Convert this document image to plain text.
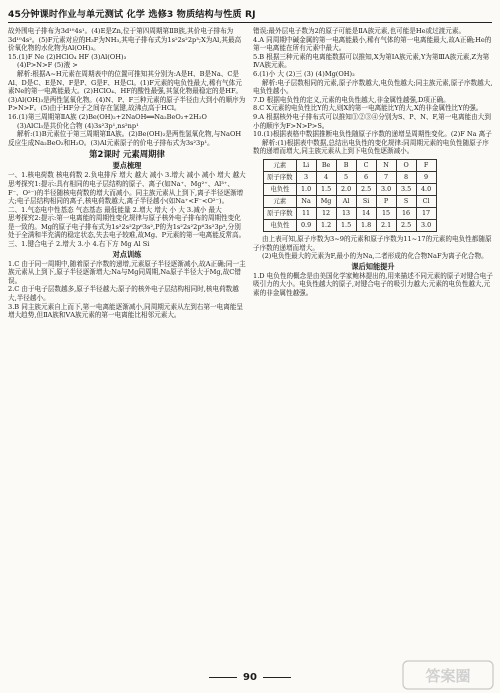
45分钟课时作业与单元测试 化学 选修3 物质结构与性质 RJ

故外围电子排布为3d¹⁰4s¹。(4)E是Zn,位于第四周期第ⅡB族,其价电子排布为3d¹⁰4s²。(5)F元素对应的H₃F为NH₃,其电子排布式为1s²2s²2p³;X为Al,其最高价氧化物的水化物为Al(OH)₃。

15.(1)F Ne (2)HClO₄ HF (3)Al(OH)₃

(4)P>N>F (5)液 >

解析:根据A~H元素在周期表中的位置可推知其分别为:A是H、B是Na、C是Al、D是C、E是N、F是P、G是F、H是Cl。(1)F元素的电负性最大,稀有气体元素Ne的第一电离能最大。(2)HClO₄、HF的酸性最强,其氢化物最稳定的是HF。(3)Al(OH)₃是两性氢氧化物。(4)N、P、F三种元素的原子半径由大到小的顺序为P>N>F。(5)由于HF分子之间存在氢键,故沸点高于HCl。

16.(1)第三周期第ⅡA族 (2)Be(OH)₂+2NaOH══Na₂BeO₂+2H₂O

(3)AlCl₃是共价化合物 (4)3s²3p¹,ns²np¹

解析:(1)B元素位于第三周期第ⅡA族。(2)Be(OH)₂是两性氢氧化物,与NaOH反应生成Na₂BeO₂和H₂O。(3)Al元素原子的价电子排布式为3s²3p¹。

第2课时 元素周期律
要点梳理

一、1.核电荷数 核电荷数 2.负电排斥 增大 越大 减小 3.增大 减小 减小 增大 越大

思考探究1:提示:具有相同的电子层结构的原子、离子(如Na⁺、Mg²⁺、Al³⁺、F⁻、O²⁻)的半径随核电荷数的增大而减小。同主族元素从上到下,离子半径逐渐增大;电子层结构相同的离子,核电荷数越大,离子半径越小(如Na⁺<F⁻<O²⁻)。

二、1.气态电中性基态 气态基态 最低能量 2.增大 增大 小 大 3.减小 最大

思考探究2:提示:第一电离能的周期性变化规律与原子核外电子排布的周期性变化是一致的。Mg的原子电子排布式为1s²2s²2p⁶3s²,P的为1s²2s²2p⁶3s²3p³,分别处于全满和半充满的稳定状态,失去电子较难,故Mg、P元素的第一电离能反常高。

三、1.键合电子 2.增大 3.小 4.右下方 Mg Al Si

对点训练

1.C 由于同一周期中,随着原子序数的递增,元素原子半径逐渐减小,故A正确;同一主族元素从上到下,原子半径逐渐增大;Na与Mg同周期,Na原子半径大于Mg,故C错误。

2.C 由于电子层数越多,原子半径越大;原子的核外电子层结构相同时,核电荷数越大,半径越小。

3.B 同主族元素自上而下,第一电离能逐渐减小,同周期元素从左到右第一电离能呈增大趋势,但ⅡA族和ⅤA族元素的第一电离能比相邻元素大。

错误;最外层电子数为2的原子可能是ⅡA族元素,也可能是He或过渡元素。

4.A 同周期中碱金属的第一电离能最小,稀有气体的第一电离能最大,故A正确;He的第一电离能在所有元素中最大。

5.B 根据三种元素的电离能数据可以推知,X为第ⅠA族元素,Y为第ⅢA族元素,Z为第ⅣA族元素。

6.(1)小 大 (2)三 (3) (4)Mg(OH)₂

解析:电子层数相同的元素,原子序数越大,电负性越大;同主族元素,原子序数越大,电负性越小。

7.D 根据电负性的定义,元素的电负性越大,非金属性越强,D项正确。

8.C X元素的电负性比Y的大,则X的第一电离能比Y的大,X的非金属性比Y的强。

9.A 根据核外电子排布式可以推知①②③④分别为S、P、N、F,第一电离能由大到小的顺序为F>N>P>S。

10.(1)根据表格中数据推断电负性随原子序数的递增呈周期性变化。(2)F Na 离子

解析:(1)根据表中数据,总结出电负性的变化规律:同周期元素的电负性随原子序数的递增而增大,同主族元素从上到下电负性逐渐减小。

元素	Li	Be	B	C	N	O	F
原子序数	3	4	5	6	7	8	9
电负性	1.0	1.5	2.0	2.5	3.0	3.5	4.0
元素	Na	Mg	Al	Si	P	S	Cl
原子序数	11	12	13	14	15	16	17
电负性	0.9	1.2	1.5	1.8	2.1	2.5	3.0

由上表可知,原子序数为3~9的元素和原子序数为11~17的元素的电负性都随原子序数的递增而增大。

(2)电负性最大的元素为F,最小的为Na,二者形成的化合物NaF为离子化合物。

课后知能提升

1.D 电负性的概念是由美国化学家鲍林提出的,用来描述不同元素的原子对键合电子吸引力的大小。电负性越大的原子,对键合电子的吸引力越大;元素的电负性越大,元素的非金属性越强。

90	答案圈
